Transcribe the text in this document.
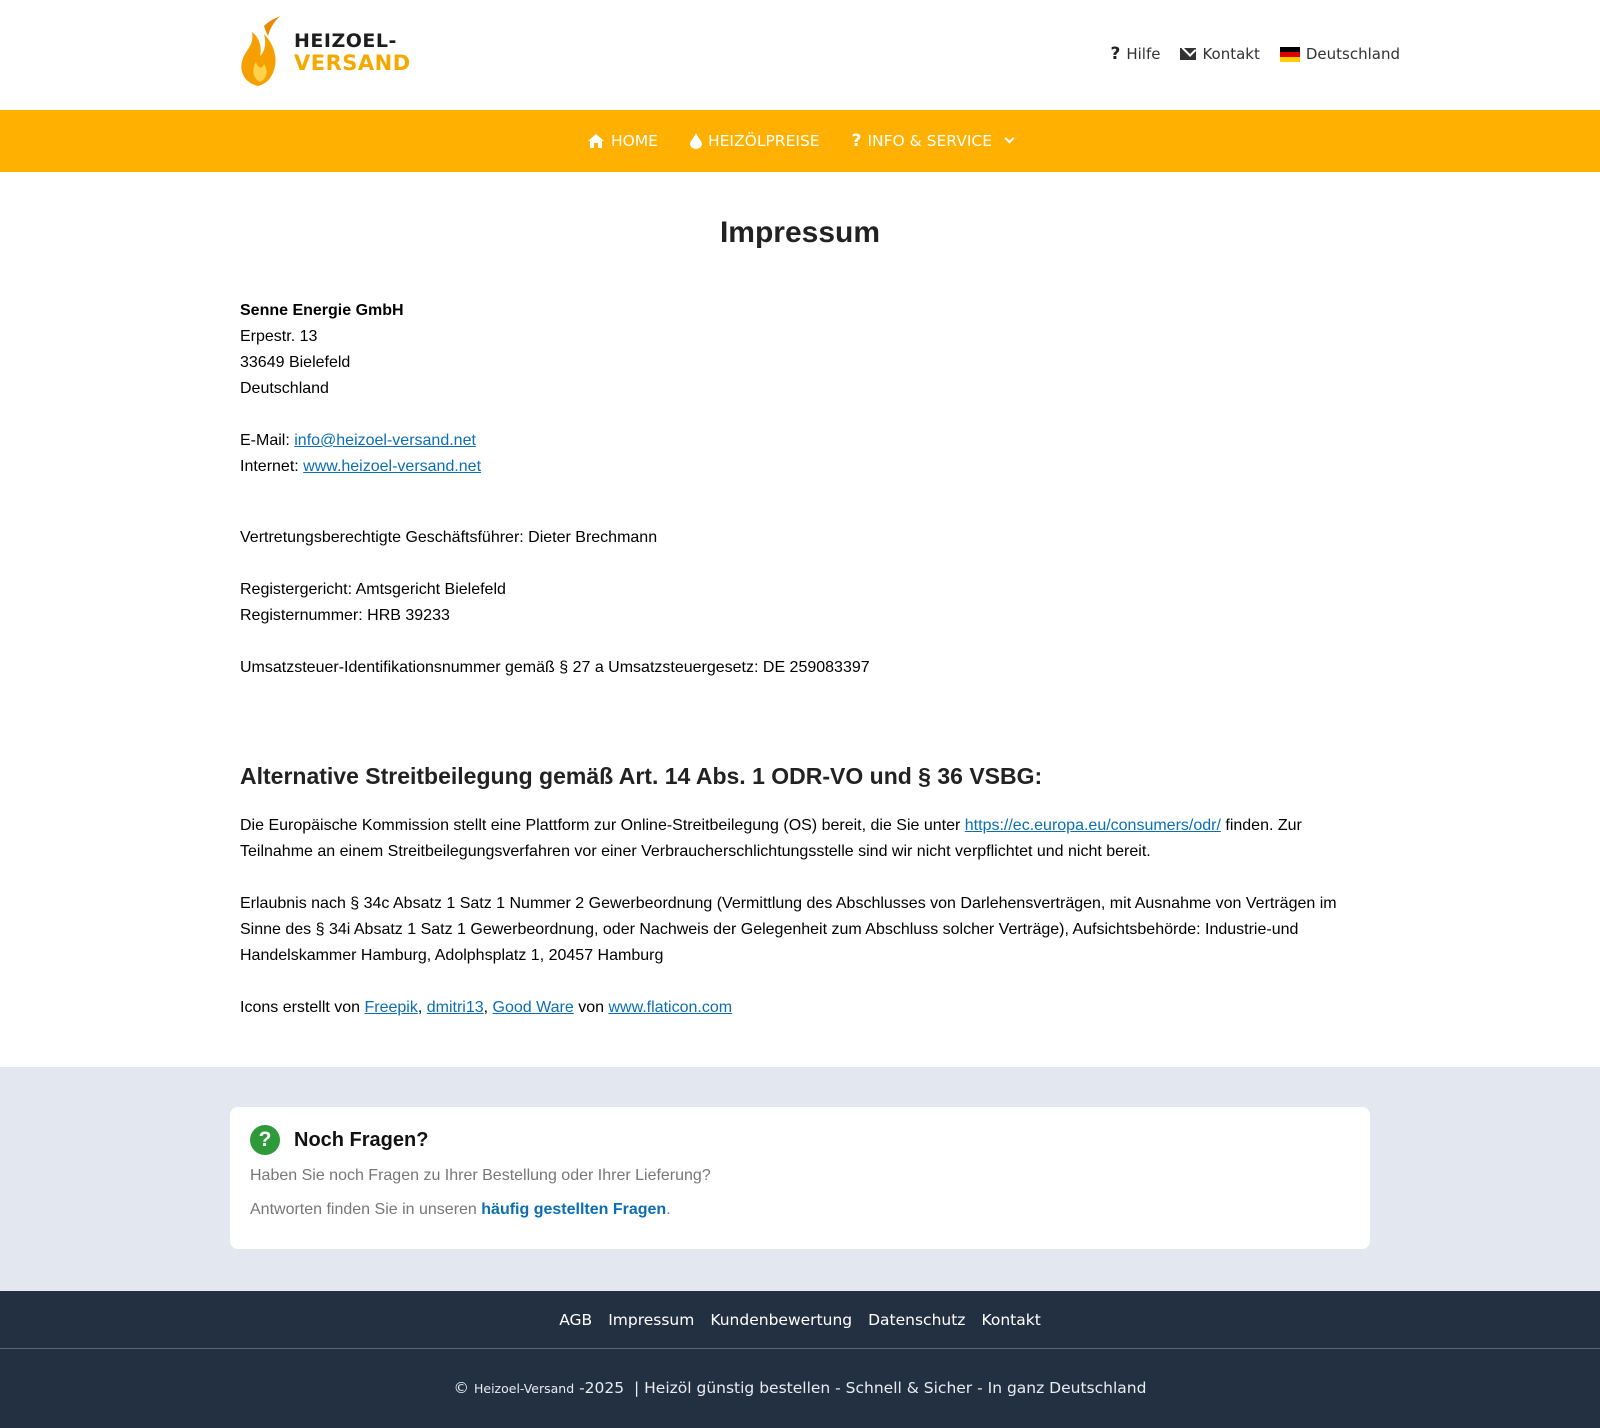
HEIZOEL-
VERSAND	? Hilfe	Kontakt	Deutschland
HOME	HEIZÖLPREISE ? INFO & SERVICE
Impressum

Senne Energie GmbH

Erpestr. 13

33649 Bielefeld

Deutschland

E-Mail: info@heizoel-versand.net

Internet: www.heizoel-versand.net

Vertretungsberechtigte Geschäftsführer: Dieter Brechmann

Registergericht: Amtsgericht Bielefeld

Registernummer: HRB 39233

Umsatzsteuer-Identifikationsnummer gemäß § 27 a Umsatzsteuergesetz: DE 259083397

Alternative Streitbeilegung gemäß Art. 14 Abs. 1 ODR-VO und § 36 VSBG:

Die Europäische Kommission stellt eine Plattform zur Online-Streitbeilegung (OS) bereit, die Sie unter https://ec.europa.eu/consumers/odr/ finden. Zur Teilnahme an einem Streitbeilegungsverfahren vor einer Verbraucherschlichtungsstelle sind wir nicht verpflichtet und nicht bereit.

Erlaubnis nach § 34c Absatz 1 Satz 1 Nummer 2 Gewerbeordnung (Vermittlung des Abschlusses von Darlehensverträgen, mit Ausnahme von Verträgen im Sinne des § 34i Absatz 1 Satz 1 Gewerbeordnung, oder Nachweis der Gelegenheit zum Abschluss solcher Verträge), Aufsichtsbehörde: Industrie-und Handelskammer Hamburg, Adolphsplatz 1, 20457 Hamburg

Icons erstellt von Freepik, dmitri13, Good Ware von www.flaticon.com

?	Noch Fragen?

Haben Sie noch Fragen zu Ihrer Bestellung oder Ihrer Lieferung?

Antworten finden Sie in unseren häufig gestellten Fragen.

AGB Impressum Kundenbewertung Datenschutz Kontakt
© Heizoel-Versand -2025 | Heizöl günstig bestellen - Schnell & Sicher - In ganz Deutschland
